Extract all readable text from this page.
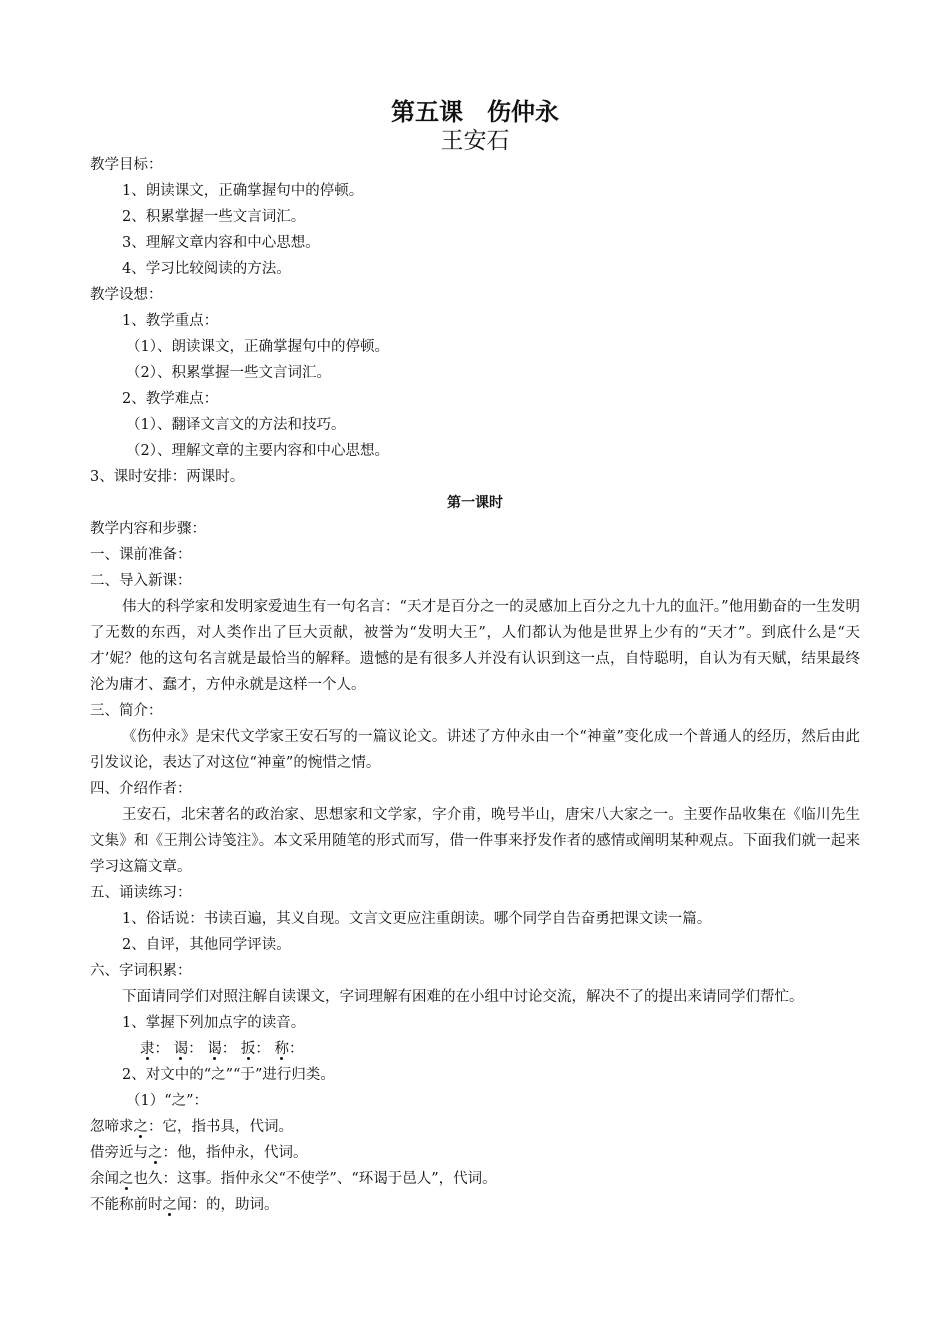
第五课　伤仲永
王安石
教学目标：
1、朗读课文，正确掌握句中的停顿。
2、积累掌握一些文言词汇。
3、理解文章内容和中心思想。
4、学习比较阅读的方法。
教学设想：
1、教学重点：
（1）、朗读课文，正确掌握句中的停顿。
（2）、积累掌握一些文言词汇。
2、教学难点：
（1）、翻译文言文的方法和技巧。
（2）、理解文章的主要内容和中心思想。
3、课时安排：两课时。
第一课时
教学内容和步骤：
一、课前准备：
二、导入新课：
伟大的科学家和发明家爱迪生有一句名言：“天才是百分之一的灵感加上百分之九十九的血汗。”他用勤奋的一生发明了无数的东西，对人类作出了巨大贡献，被誉为“发明大王”，人们都认为他是世界上少有的“天才”。到底什么是“天才’妮？他的这句名言就是最恰当的解释。遗憾的是有很多人并没有认识到这一点，自恃聪明，自认为有天赋，结果最终沦为庸才、蠢才，方仲永就是这样一个人。
三、简介：
《伤仲永》是宋代文学家王安石写的一篇议论文。讲述了方仲永由一个“神童”变化成一个普通人的经历，然后由此引发议论，表达了对这位“神童”的惋惜之情。
四、介绍作者：
王安石，北宋著名的政治家、思想家和文学家，字介甫，晚号半山，唐宋八大家之一。主要作品收集在《临川先生文集》和《王荆公诗笺注》。本文采用随笔的形式而写，借一件事来抒发作者的感情或阐明某种观点。下面我们就一起来学习这篇文章。
五、诵读练习：
1、俗话说：书读百遍，其义自现。文言文更应注重朗读。哪个同学自告奋勇把课文读一篇。
2、自评，其他同学评读。
六、字词积累：
下面请同学们对照注解自读课文，字词理解有困难的在小组中讨论交流，解决不了的提出来请同学们帮忙。
1、掌握下列加点字的读音。
隶： 谒： 谒： 扳： 称：
2、对文中的“之”“于”进行归类。
（1）“之”：
忽啼求之：它，指书具，代词。
借旁近与之：他，指仲永，代词。
余闻之也久：这事。指仲永父“不使学”、“环谒于邑人”，代词。
不能称前时之闻：的，助词。
